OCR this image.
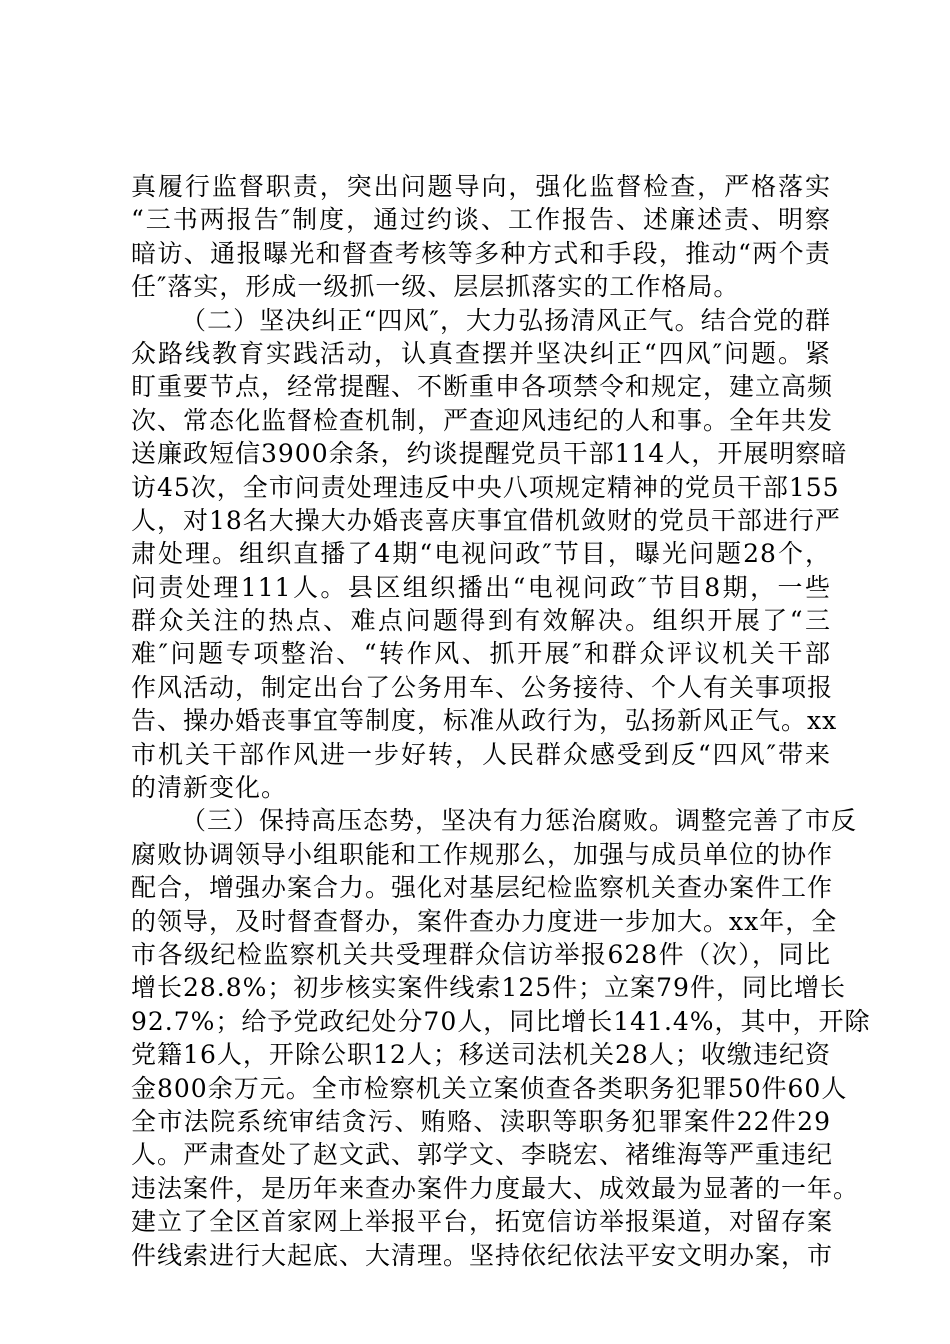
真履行监督职责，突出问题导向，强化监督检查，严格落实
“三书两报告″制度，通过约谈、工作报告、述廉述责、明察
暗访、通报曝光和督查考核等多种方式和手段，推动“两个责
任″落实，形成一级抓一级、层层抓落实的工作格局。
（二）坚决纠正“四风″，大力弘扬清风正气。结合党的群
众路线教育实践活动，认真查摆并坚决纠正“四风″问题。紧
盯重要节点，经常提醒、不断重申各项禁令和规定，建立高频
次、常态化监督检查机制，严查迎风违纪的人和事。全年共发
送廉政短信3900余条，约谈提醒党员干部114人，开展明察暗
访45次，全市问责处理违反中央八项规定精神的党员干部155
人，对18名大操大办婚丧喜庆事宜借机敛财的党员干部进行严
肃处理。组织直播了4期“电视问政″节目，曝光问题28个，
问责处理111人。县区组织播出“电视问政″节目8期，一些
群众关注的热点、难点问题得到有效解决。组织开展了“三
难″问题专项整治、“转作风、抓开展″和群众评议机关干部
作风活动，制定出台了公务用车、公务接待、个人有关事项报
告、操办婚丧事宜等制度，标准从政行为，弘扬新风正气。xx
市机关干部作风进一步好转，人民群众感受到反“四风″带来
的清新变化。
（三）保持高压态势，坚决有力惩治腐败。调整完善了市反
腐败协调领导小组职能和工作规那么，加强与成员单位的协作
配合，增强办案合力。强化对基层纪检监察机关查办案件工作
的领导，及时督查督办，案件查办力度进一步加大。xx年，全
市各级纪检监察机关共受理群众信访举报628件（次），同比
增长28.8%；初步核实案件线索125件；立案79件，同比增长
92.7%；给予党政纪处分70人，同比增长141.4%，其中，开除
党籍16人，开除公职12人；移送司法机关28人；收缴违纪资
金800余万元。全市检察机关立案侦查各类职务犯罪50件60人
全市法院系统审结贪污、贿赂、渎职等职务犯罪案件22件29
人。严肃查处了赵文武、郭学文、李晓宏、褚维海等严重违纪
违法案件，是历年来查办案件力度最大、成效最为显著的一年。
建立了全区首家网上举报平台，拓宽信访举报渠道，对留存案
件线索进行大起底、大清理。坚持依纪依法平安文明办案，市
